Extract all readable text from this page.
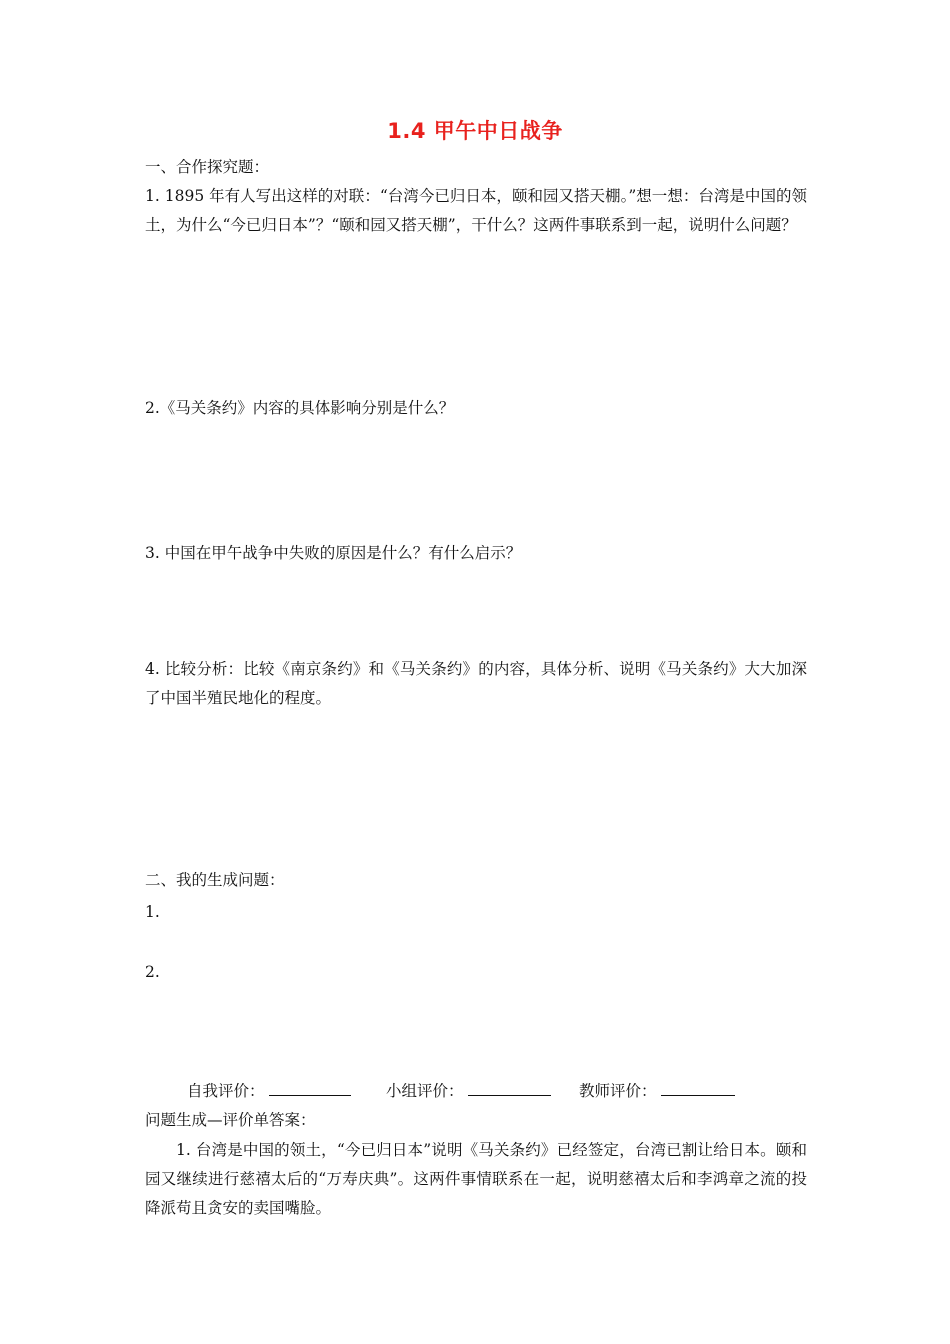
1.4 甲午中日战争
一、合作探究题：
1. 1895 年有人写出这样的对联：“台湾今已归日本，颐和园又搭天棚。”想一想：台湾是中国的领土，为什么“今已归日本”？“颐和园又搭天棚”，干什么？这两件事联系到一起，说明什么问题？
2.《马关条约》内容的具体影响分别是什么？
3. 中国在甲午战争中失败的原因是什么？有什么启示？
4. 比较分析：比较《南京条约》和《马关条约》的内容，具体分析、说明《马关条约》大大加深了中国半殖民地化的程度。
二、我的生成问题：
1.
2.
自我评价：	小组评价：	教师评价：
问题生成—评价单答案：
1. 台湾是中国的领土，“今已归日本”说明《马关条约》已经签定，台湾已割让给日本。颐和园又继续进行慈禧太后的“万寿庆典”。这两件事情联系在一起，说明慈禧太后和李鸿章之流的投降派苟且贪安的卖国嘴脸。
